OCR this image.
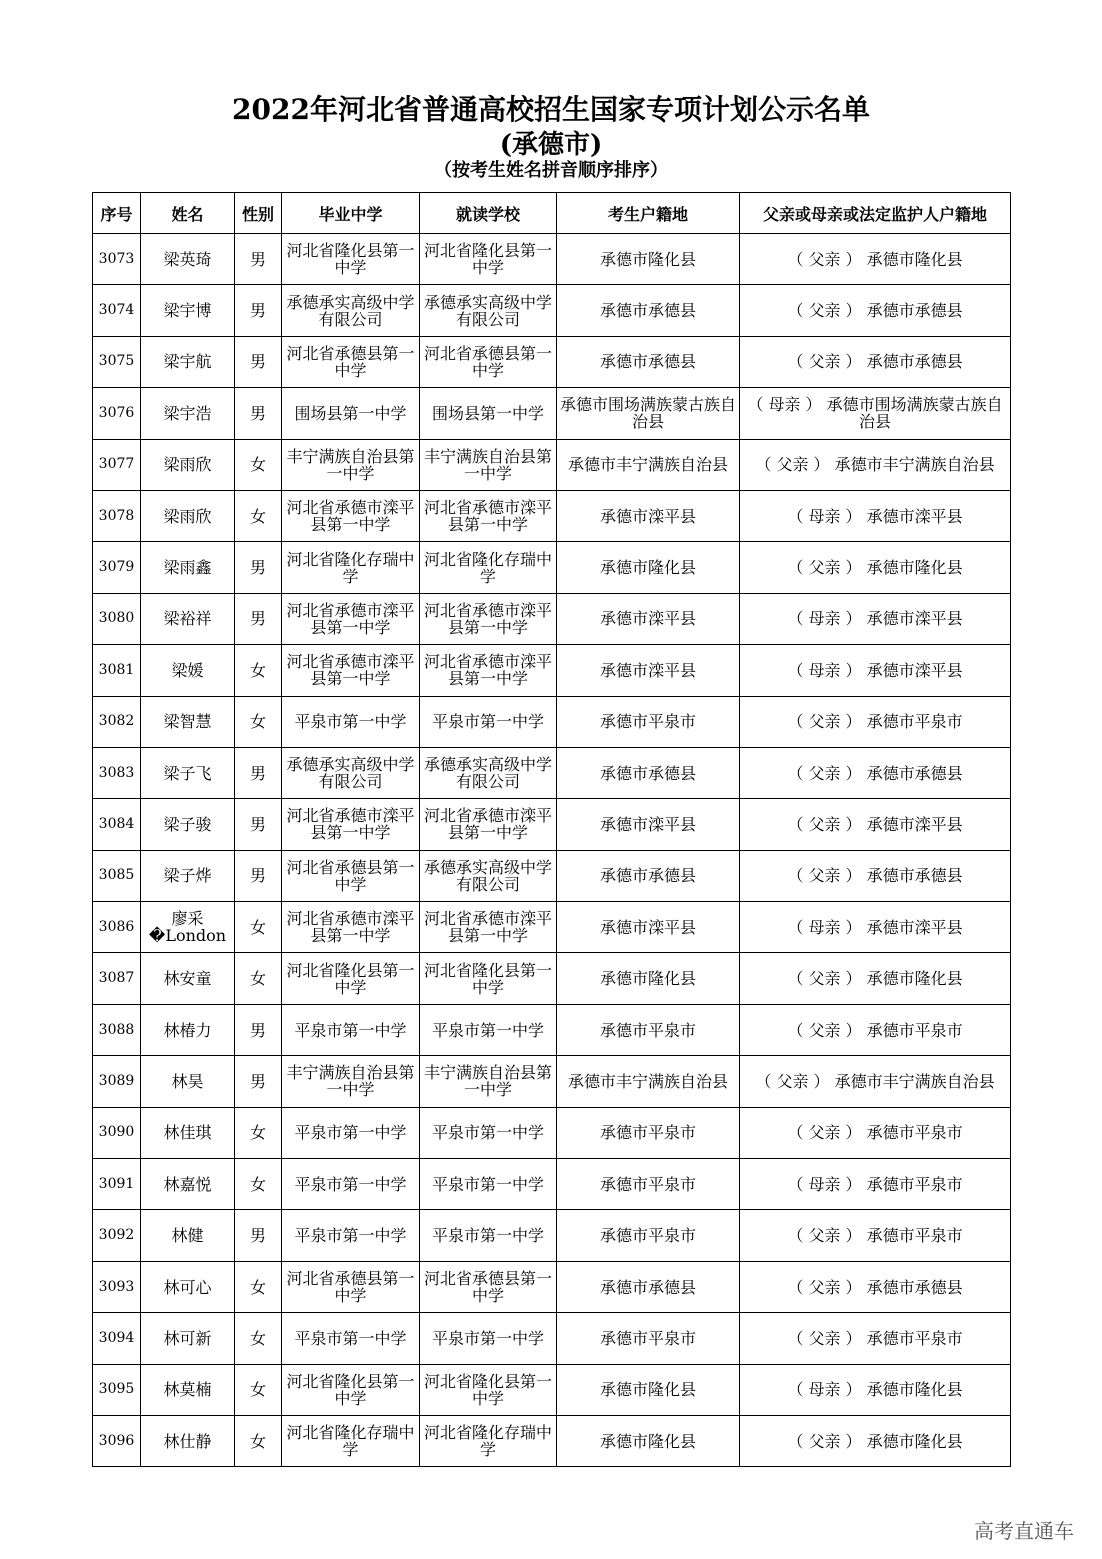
2022年河北省普通高校招生国家专项计划公示名单
(承德市)
（按考生姓名拼音顺序排序）
序号	姓名	性别	毕业中学	就读学校	考生户籍地	父亲或母亲或法定监护人户籍地
3073	梁英琦	男	河北省隆化县第一中学	河北省隆化县第一中学	承德市隆化县	（ 父亲 ） 承德市隆化县
3074	梁宇博	男	承德承实高级中学有限公司	承德承实高级中学有限公司	承德市承德县	（ 父亲 ） 承德市承德县
3075	梁宇航	男	河北省承德县第一中学	河北省承德县第一中学	承德市承德县	（ 父亲 ） 承德市承德县
3076	梁宇浩	男	围场县第一中学	围场县第一中学	承德市围场满族蒙古族自治县	（ 母亲 ） 承德市围场满族蒙古族自治县
3077	梁雨欣	女	丰宁满族自治县第一中学	丰宁满族自治县第一中学	承德市丰宁满族自治县	（ 父亲 ） 承德市丰宁满族自治县
3078	梁雨欣	女	河北省承德市滦平县第一中学	河北省承德市滦平县第一中学	承德市滦平县	（ 母亲 ） 承德市滦平县
3079	梁雨鑫	男	河北省隆化存瑞中学	河北省隆化存瑞中学	承德市隆化县	（ 父亲 ） 承德市隆化县
3080	梁裕祥	男	河北省承德市滦平县第一中学	河北省承德市滦平县第一中学	承德市滦平县	（ 母亲 ） 承德市滦平县
3081	梁媛	女	河北省承德市滦平县第一中学	河北省承德市滦平县第一中学	承德市滦平县	（ 母亲 ） 承德市滦平县
3082	梁智慧	女	平泉市第一中学	平泉市第一中学	承德市平泉市	（ 父亲 ） 承德市平泉市
3083	梁子飞	男	承德承实高级中学有限公司	承德承实高级中学有限公司	承德市承德县	（ 父亲 ） 承德市承德县
3084	梁子骏	男	河北省承德市滦平县第一中学	河北省承德市滦平县第一中学	承德市滦平县	（ 父亲 ） 承德市滦平县
3085	梁子烨	男	河北省承德县第一中学	承德承实高级中学有限公司	承德市承德县	（ 父亲 ） 承德市承德县
3086	廖采�London	女	河北省承德市滦平县第一中学	河北省承德市滦平县第一中学	承德市滦平县	（ 母亲 ） 承德市滦平县
3087	林安童	女	河北省隆化县第一中学	河北省隆化县第一中学	承德市隆化县	（ 父亲 ） 承德市隆化县
3088	林椿力	男	平泉市第一中学	平泉市第一中学	承德市平泉市	（ 父亲 ） 承德市平泉市
3089	林昊	男	丰宁满族自治县第一中学	丰宁满族自治县第一中学	承德市丰宁满族自治县	（ 父亲 ） 承德市丰宁满族自治县
3090	林佳琪	女	平泉市第一中学	平泉市第一中学	承德市平泉市	（ 父亲 ） 承德市平泉市
3091	林嘉悦	女	平泉市第一中学	平泉市第一中学	承德市平泉市	（ 母亲 ） 承德市平泉市
3092	林健	男	平泉市第一中学	平泉市第一中学	承德市平泉市	（ 父亲 ） 承德市平泉市
3093	林可心	女	河北省承德县第一中学	河北省承德县第一中学	承德市承德县	（ 父亲 ） 承德市承德县
3094	林可新	女	平泉市第一中学	平泉市第一中学	承德市平泉市	（ 父亲 ） 承德市平泉市
3095	林莫楠	女	河北省隆化县第一中学	河北省隆化县第一中学	承德市隆化县	（ 母亲 ） 承德市隆化县
3096	林仕静	女	河北省隆化存瑞中学	河北省隆化存瑞中学	承德市隆化县	（ 父亲 ） 承德市隆化县
高考直通车
